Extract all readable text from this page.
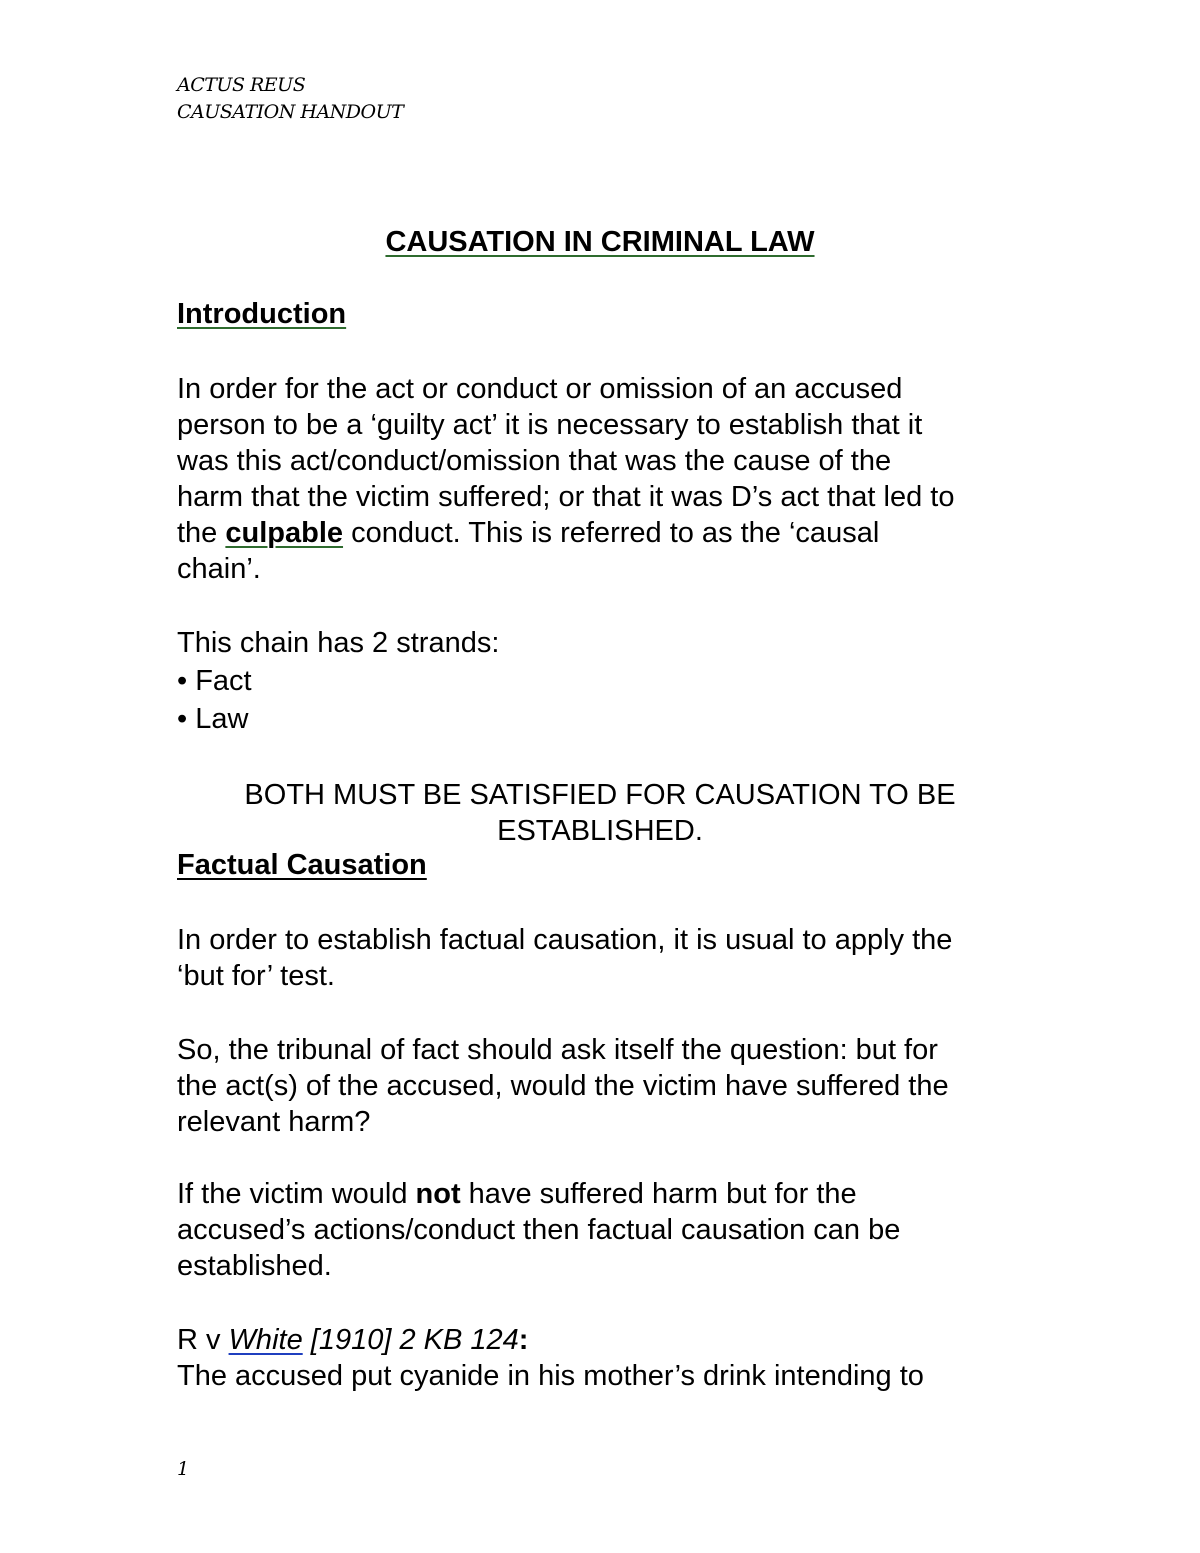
ACTUS REUS
CAUSATION HANDOUT
CAUSATION IN CRIMINAL LAW
Introduction
In order for the act or conduct or omission of an accused
person to be a ‘guilty act’ it is necessary to establish that it
was this act/conduct/omission that was the cause of the
harm that the victim suffered; or that it was D’s act that led to
the culpable conduct. This is referred to as the ‘causal
chain’.
This chain has 2 strands:
• Fact
• Law
BOTH MUST BE SATISFIED FOR CAUSATION TO BE
ESTABLISHED.
Factual Causation
In order to establish factual causation, it is usual to apply the
‘but for’ test.
So, the tribunal of fact should ask itself the question: but for
the act(s) of the accused, would the victim have suffered the
relevant harm?
If the victim would not have suffered harm but for the
accused’s actions/conduct then factual causation can be
established.
R v White [1910] 2 KB 124:
The accused put cyanide in his mother’s drink intending to
1
